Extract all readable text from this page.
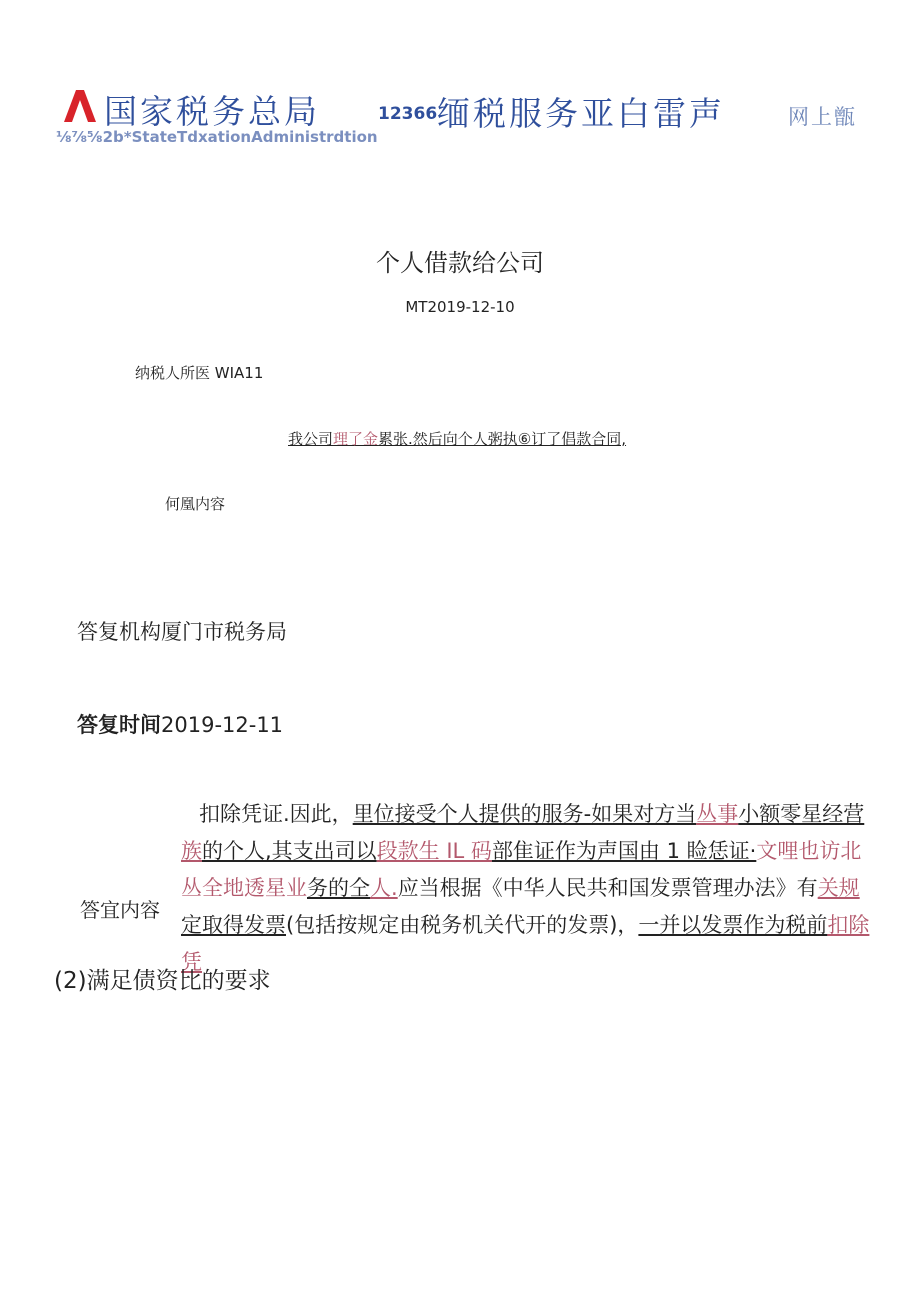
国家税务总局	12366 缅税服务亚白雷声	网上甑
⅛⅞⅝2b*StateTdxationAdministrdtion
个人借款给公司
MT2019-12-10
纳税人所医 WIA11
我公司理了金累张.然后向个人粥执⑥订了倡款合同,
何凰内容
答复机构厦门市税务局
答复时间2019-12-11
扣除凭证.因此，里位接受个人提供的服务-如果对方当丛事小额零星经营族的个人,其支出司以段款生 IL 码部隹证作为声国由 1 睑恁证·文哩也访北丛全地透星业务的仝人.应当根据《中华人民共和国发票管理办法》有关规定取得发票(包括按规定由税务机关代开的发票)，一并以发票作为税前扣除凭
答宜内容
(2)满足债资比的要求
